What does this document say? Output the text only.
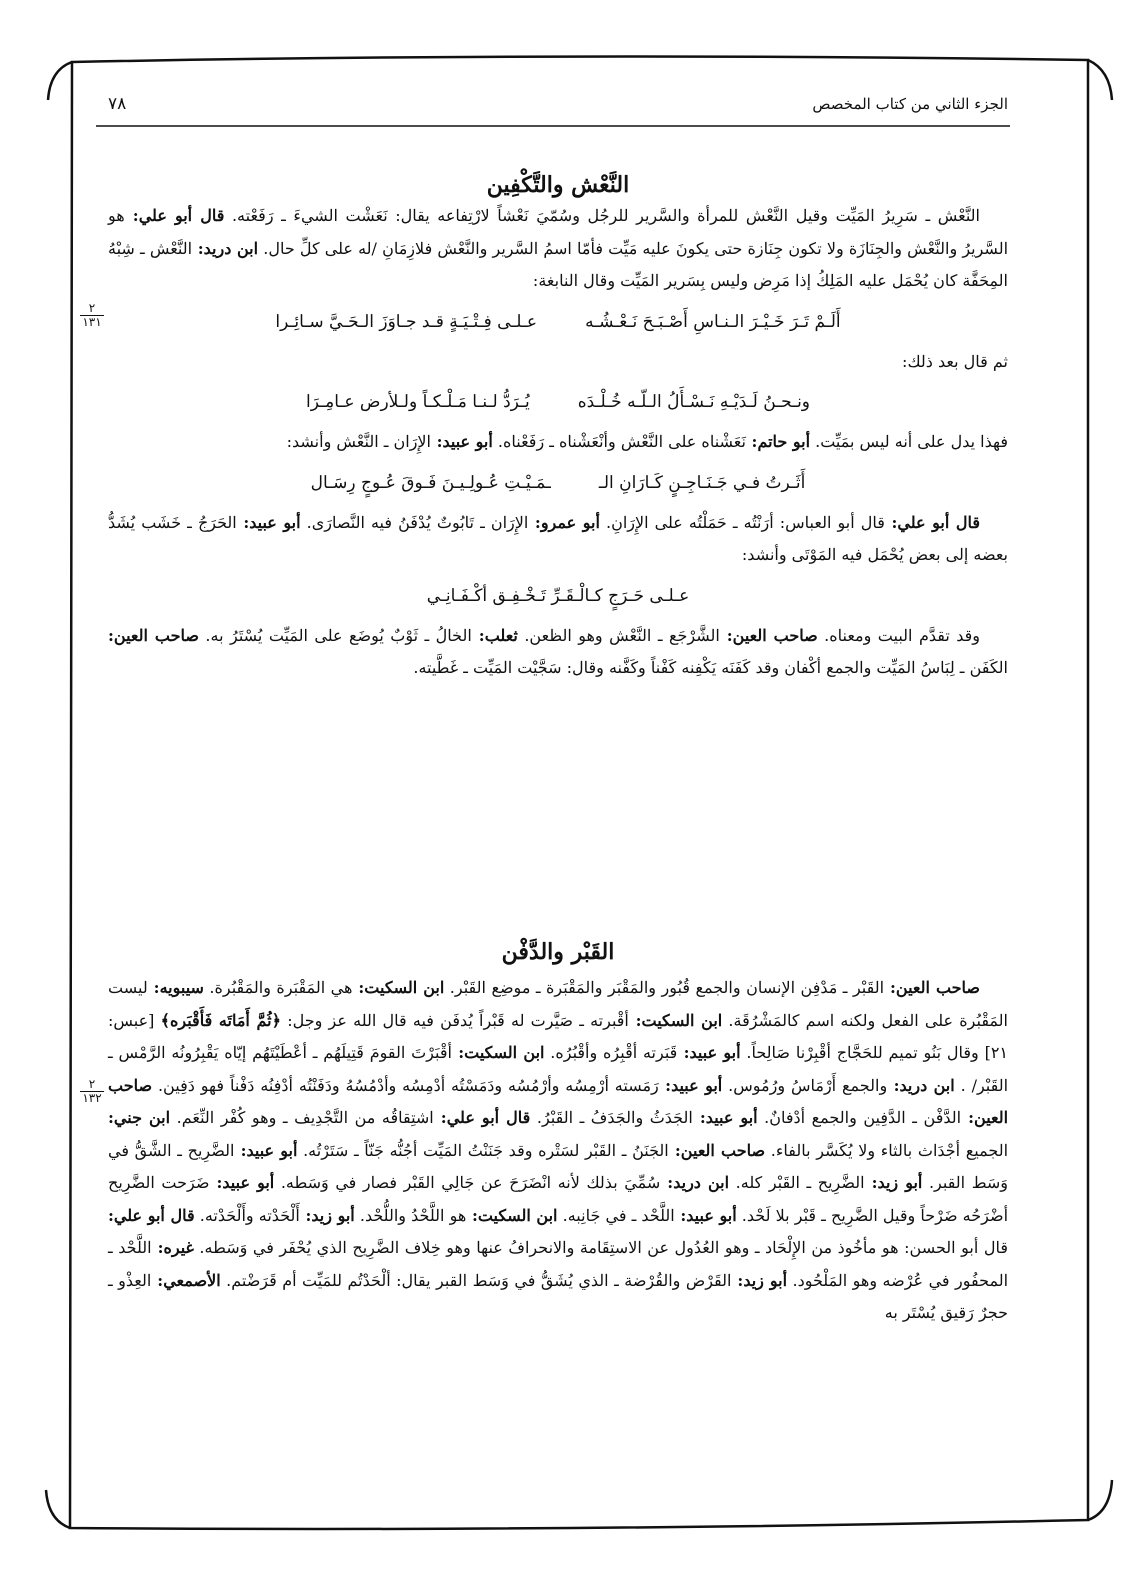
الجزء الثاني من كتاب المخصص
٧٨
النَّعْش والتَّكْفِين

النَّعْش ـ سَرِيرُ المَيِّت وقيل النَّعْش للمرأة والسَّرير للرجُل وسُمّيَ نَعْشاً لارْتِفاعه يقال: نَعَشْت الشيءَ ـ رَفَعْته. قال أبو علي: هو السَّريرُ والنَّعْش والجِنَازَة ولا تكون جِنَازة حتى يكونَ عليه مَيِّت فأمّا اسمُ السَّرير والنَّعْش فلازِمَانِ /له على كلِّ حال. ابن دريد: النَّعْش ـ شِبْهُ المِحَفَّة كان يُحْمَل عليه المَلِكُ إذا مَرِض وليس بِسَرير المَيِّت وقال النابغة:

أَلَـمْ تَـرَ خَـيْـرَ الـنـاسِ أَصْـبَـحَ نَـعْـشُـه
عـلـى فِـتْـيَـةٍ قـد جـاوَزَ الـحَـيَّ سـائِـرا

ثم قال بعد ذلك:

ونـحـنُ لَـدَيْـهِ نَـسْـأَلُ الـلّـه خُـلْـدَه
يُـرَدُّ لـنـا مَـلْـكـاً ولـلأرض عـامِـرَا

فهذا يدل على أنه ليس بمَيِّت. أبو حاتم: نَعَشْناه على النَّعْش وأنْعَشْناه ـ رَفَعْناه. أبو عبيد: الإِرَان ـ النَّعْش وأنشد:

أَثَـرتُ فـي جَـنَـاجِـنٍ كَـارَانِ الـ
ـمَـيْـتِ عُـولِـيـنَ فَـوقَ عُـوجٍ رِسَـال

قال أبو علي: قال أبو العباس: أرَنْتُه ـ حَمَلْتُه على الإِرَانِ. أبو عمرو: الإِرَان ـ تَابُوتٌ يُدْفَنُ فيه النَّصارَى. أبو عبيد: الحَرَجُ ـ خَشَب يُشَدُّ بعضه إلى بعض يُحْمَل فيه المَوْتَى وأنشد:

عـلـى حَـرَجٍ كـالْـقَـرِّ تَـخْـفِـق أكْـفَـانِـي

وقد تقدَّم البيت ومعناه. صاحب العين: الشَّرْجَع ـ النَّعْش وهو الظعن. ثعلب: الخالُ ـ ثَوْبٌ يُوضَع على المَيِّت يُسْتَرُ به. صاحب العين: الكَفَن ـ لِبَاسُ المَيِّت والجمع أكْفان وقد كَفَنَه يَكْفِنه كَفْناً وكَفَّنه وقال: سَجَّيْت المَيِّت ـ غَطَّيته.

٢
١٣١
القَبْر والدَّفْن

صاحب العين: القَبْر ـ مَدْفِن الإنسان والجمع قُبُور والمَقْبَر والمَقْبَرة ـ موضِع القَبْر. ابن السكيت: هي المَقْبَرة والمَقْبُرة. سيبويه: ليست المَقْبُرة على الفعل ولكنه اسم كالمَشْرُقَة. ابن السكيت: أقْبرته ـ صَيَّرت له قَبْراً يُدفَن فيه قال الله عز وجل: ﴿ثُمَّ أَمَاتَه فَأَقْبَره﴾ [عبس: ٢١] وقال بَنُو تميم للحَجَّاج أقْبِرْنا صَالِحاً. أبو عبيد: قَبَرته أقْبِرُه وأقْبُرُه. ابن السكيت: أقْبَرْتَ القومَ قَتِيلَهُم ـ أعْطَيْتَهُم إيّاه يَقْبِرُونُه الرَّمْس ـ القَبْر/ . ابن دريد: والجمع أَرْمَاسُ ورُمُوس. أبو عبيد: رَمَسته أرْمِسُه وأرْمُسُه ودَمَسْتُه أدْمِسُه وأدْمُسُهُ ودَفَنْتُه أدْفِنُه دَفْناً فهو دَفِين. صاحب العين: الدَّفْن ـ الدَّفِين والجمع أدْفانٌ. أبو عبيد: الجَدَثُ والجَدَفُ ـ القَبْرُ. قال أبو علي: اشتِقاقُه من التَّجْدِيف ـ وهو كُفْر النِّعَم. ابن جني: الجميع أجْدَاث بالثاء ولا يُكَسَّر بالفاء. صاحب العين: الجَنَنُ ـ القَبْر لسَتْره وقد جَنَنْتُ المَيِّت أجُنُّه جَنّاً ـ سَتَرْتُه. أبو عبيد: الضَّرِيح ـ الشَّقُّ في وَسَط القبر. أبو زيد: الضَّرِيح ـ القَبْر كله. ابن دريد: سُمِّيَ بذلك لأنه انْضَرَحَ عن جَالِي القَبْر فصار في وَسَطه. أبو عبيد: ضَرَحت الضَّرِيح أضْرَحُه ضَرْحاً وقيل الضَّرِيح ـ قَبْر بلا لَحْد. أبو عبيد: اللَّحْد ـ في جَانِبه. ابن السكيت: هو اللَّحْدُ واللُّحْد. أبو زيد: أَلْحَدْته وأَلْحَدْته. قال أبو علي: قال أبو الحسن: هو مأخُوذ من الإِلْحَاد ـ وهو العُدُول عن الاستِقَامة والانحرافُ عنها وهو خِلاف الضَّرِيح الذي يُحْفَر في وَسَطه. غيره: اللَّحْد ـ المحفُور في عُرْضه وهو المَلْحُود. أبو زيد: القَرْض والقُرْضة ـ الذي يُشَقُّ في وَسَط القبر يقال: ألْحَدْتُم للمَيِّت أم قَرَضْتم. الأصمعي: العِذْو ـ حجرٌ رَقيق يُسْتَر به

٢
١٣٢
